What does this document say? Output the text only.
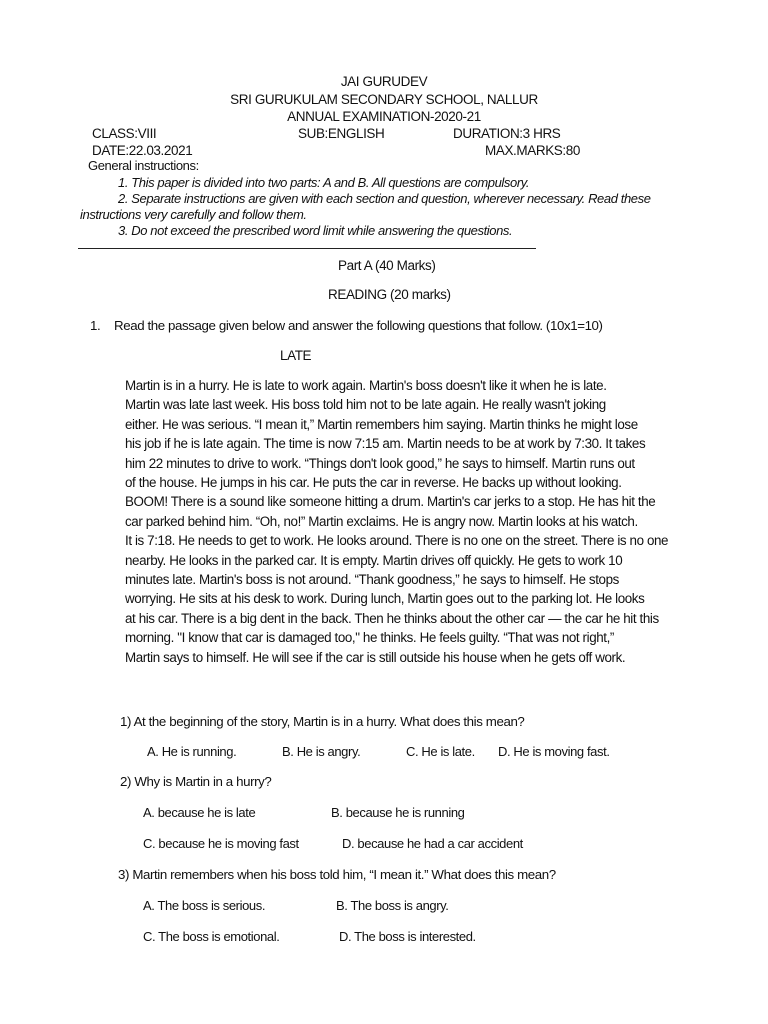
JAI GURUDEV
SRI GURUKULAM SECONDARY SCHOOL, NALLUR
ANNUAL EXAMINATION-2020-21
CLASS:VIII	SUB:ENGLISH	DURATION:3 HRS
DATE:22.03.2021	MAX.MARKS:80
General instructions:
1. This paper is divided into two parts: A and B. All questions are compulsory.
2. Separate instructions are given with each section and question, wherever necessary. Read these
instructions very carefully and follow them.
3. Do not exceed the prescribed word limit while answering the questions.
Part A (40 Marks)
READING (20 marks)
1. Read the passage given below and answer the following questions that follow. (10x1=10)
LATE
Martin is in a hurry. He is late to work again. Martin's boss doesn't like it when he is late.
Martin was late last week. His boss told him not to be late again. He really wasn't joking
either. He was serious. “I mean it,” Martin remembers him saying. Martin thinks he might lose
his job if he is late again. The time is now 7:15 am. Martin needs to be at work by 7:30. It takes
him 22 minutes to drive to work. “Things don't look good,” he says to himself. Martin runs out
of the house. He jumps in his car. He puts the car in reverse. He backs up without looking.
BOOM! There is a sound like someone hitting a drum. Martin's car jerks to a stop. He has hit the
car parked behind him. “Oh, no!” Martin exclaims. He is angry now. Martin looks at his watch.
It is 7:18. He needs to get to work. He looks around. There is no one on the street. There is no one
nearby. He looks in the parked car. It is empty. Martin drives off quickly. He gets to work 10
minutes late. Martin's boss is not around. “Thank goodness,” he says to himself. He stops
worrying. He sits at his desk to work. During lunch, Martin goes out to the parking lot. He looks
at his car. There is a big dent in the back. Then he thinks about the other car — the car he hit this
morning. "I know that car is damaged too," he thinks. He feels guilty. “That was not right,”
Martin says to himself. He will see if the car is still outside his house when he gets off work.
1) At the beginning of the story, Martin is in a hurry. What does this mean?
A. He is running.	B. He is angry.	C. He is late. D. He is moving fast.
2) Why is Martin in a hurry?
A. because he is late	B. because he is running
C. because he is moving fast	D. because he had a car accident
3) Martin remembers when his boss told him, “I mean it.” What does this mean?
A. The boss is serious.	B. The boss is angry.
C. The boss is emotional.	D. The boss is interested.
